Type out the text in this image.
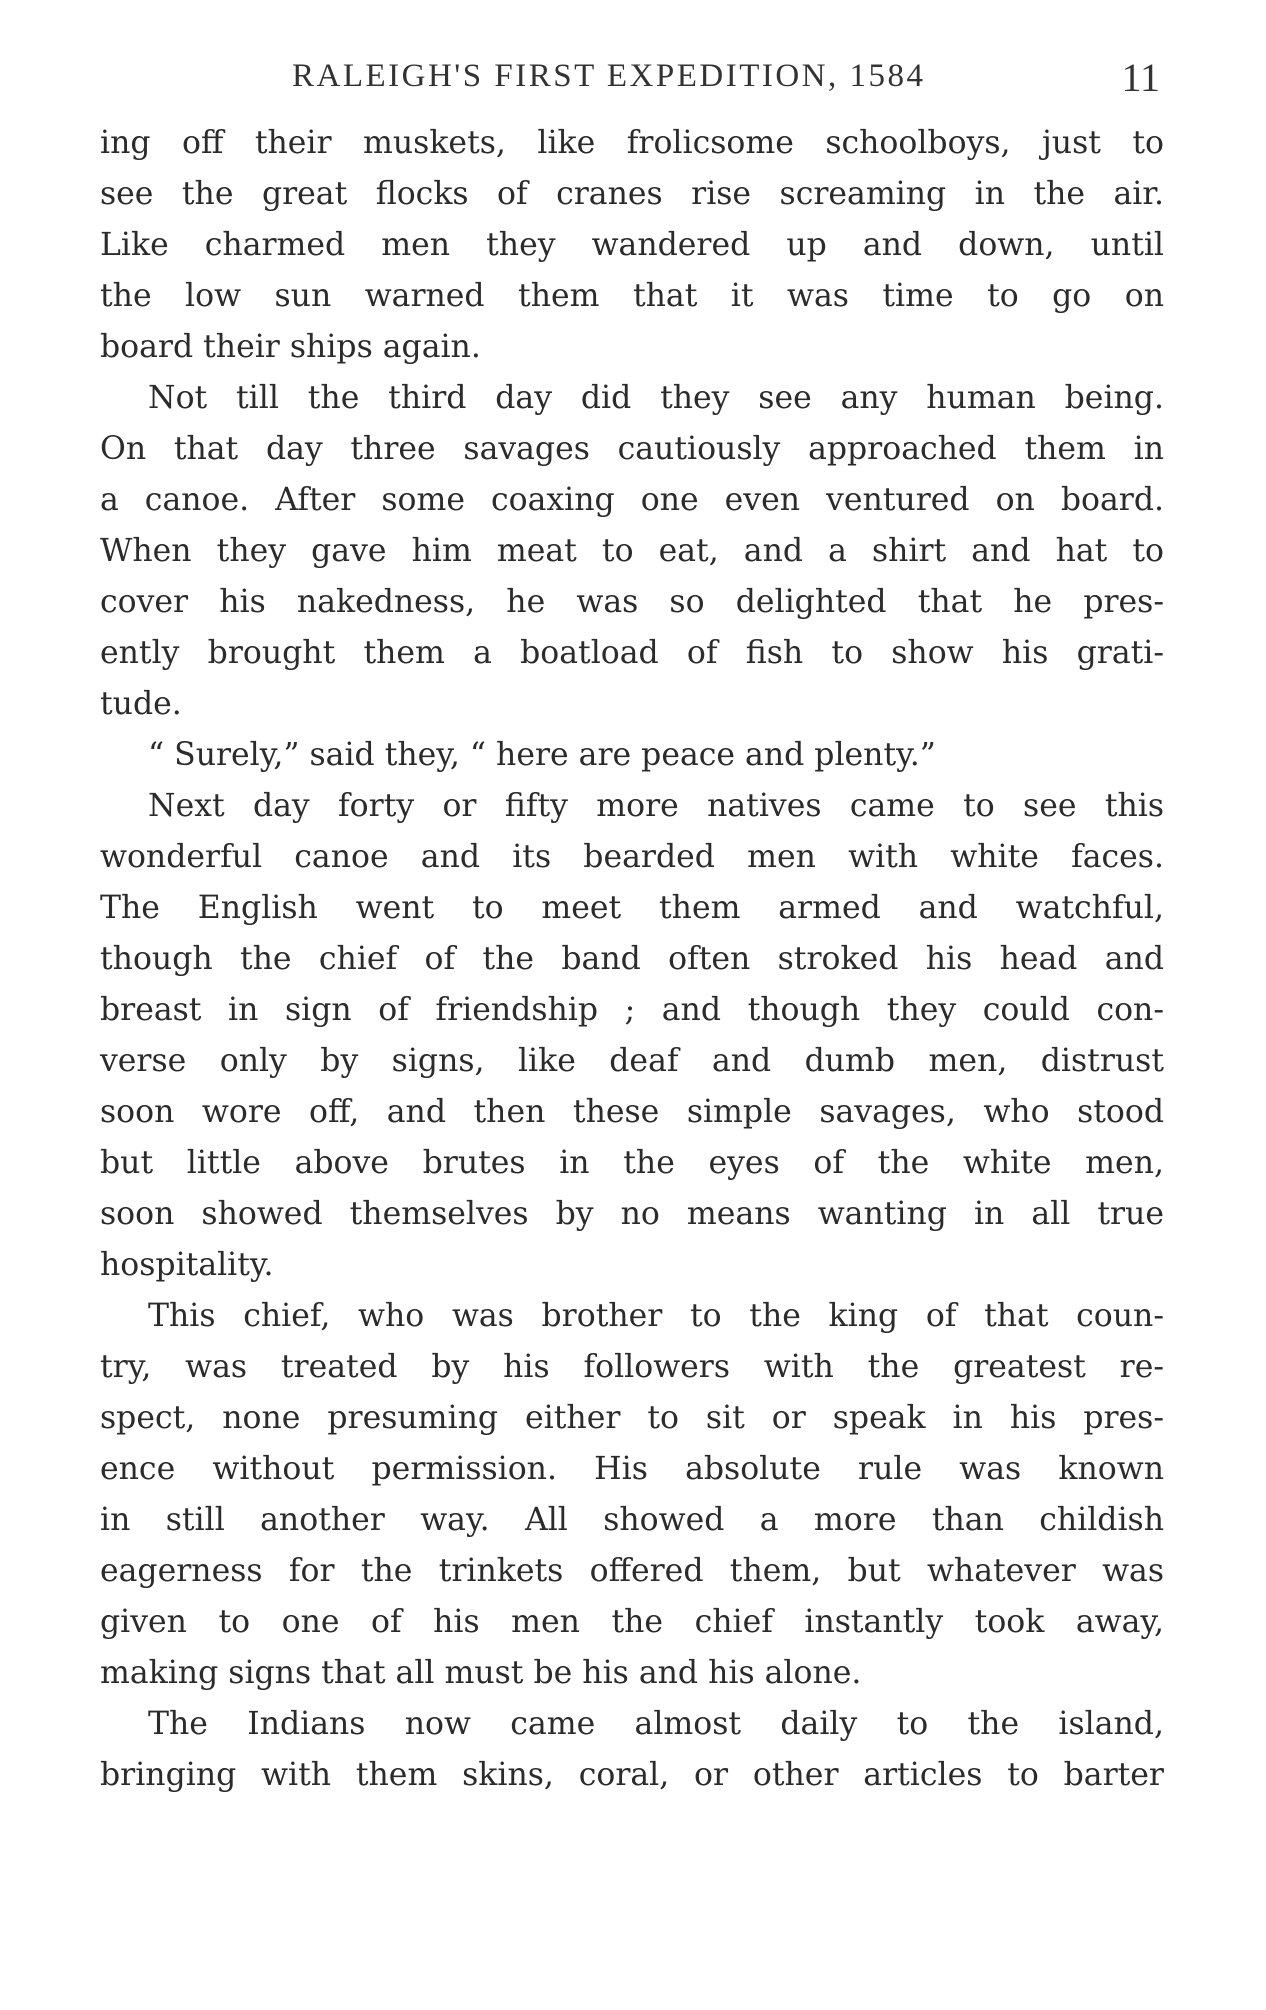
RALEIGH'S FIRST EXPEDITION, 1584	11
ing off their muskets, like frolicsome schoolboys, just to
see the great flocks of cranes rise screaming in the air.
Like charmed men they wandered up and down, until
the low sun warned them that it was time to go on
board their ships again.
Not till the third day did they see any human being.
On that day three savages cautiously approached them in
a canoe. After some coaxing one even ventured on board.
When they gave him meat to eat, and a shirt and hat to
cover his nakedness, he was so delighted that he pres-
ently brought them a boatload of fish to show his grati-
tude.
“ Surely,” said they, “ here are peace and plenty.”
Next day forty or fifty more natives came to see this
wonderful canoe and its bearded men with white faces.
The English went to meet them armed and watchful,
though the chief of the band often stroked his head and
breast in sign of friendship ; and though they could con-
verse only by signs, like deaf and dumb men, distrust
soon wore off, and then these simple savages, who stood
but little above brutes in the eyes of the white men,
soon showed themselves by no means wanting in all true
hospitality.
This chief, who was brother to the king of that coun-
try, was treated by his followers with the greatest re-
spect, none presuming either to sit or speak in his pres-
ence without permission. His absolute rule was known
in still another way. All showed a more than childish
eagerness for the trinkets offered them, but whatever was
given to one of his men the chief instantly took away,
making signs that all must be his and his alone.
The Indians now came almost daily to the island,
bringing with them skins, coral, or other articles to barter
